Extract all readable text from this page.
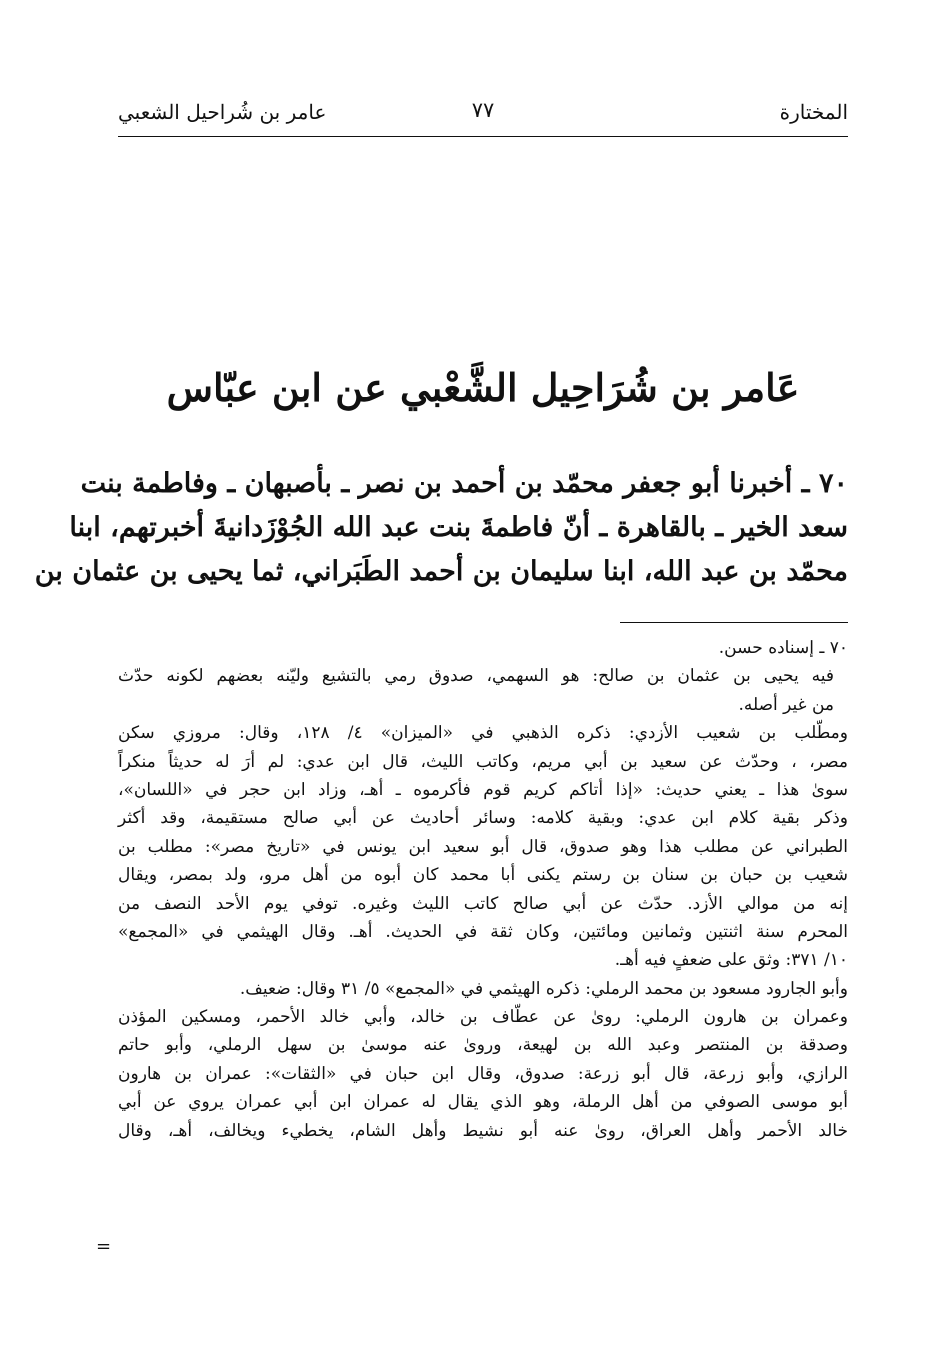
المختارة
٧٧
عامر بن شُراحيل الشعبي
عَامر بن شُرَاحِيل الشَّعْبي عن ابن عبّاس
٧٠ ـ أخبرنا أبو جعفر محمّد بن أحمد بن نصر ـ بأصبهان ـ وفاطمة بنت
سعد الخير ـ بالقاهرة ـ أنّ فاطمةَ بنت عبد الله الجُوْزَدانيةَ أخبرتهم، ابنا
محمّد بن عبد الله، ابنا سليمان بن أحمد الطَبَراني، ثما يحيى بن عثمان بن
٧٠ ـ إسناده حسن.
فيه يحيى بن عثمان بن صالح: هو السهمي، صدوق رمي بالتشيع وليّنه بعضهم لكونه حدّث
من غير أصله.
ومطّلب بن شعيب الأزدي: ذكره الذهبي في «الميزان» ٤/ ١٢٨، وقال: مروزي سكن
مصر، ، وحدّث عن سعيد بن أبي مريم، وكاتب الليث، قال ابن عدي: لم أرَ له حديثاً منكراً
سوىٰ هذا ـ يعني حديث: «إذا أتاكم كريم قوم فأكرموه ـ أهـ، وزاد ابن حجر في «اللسان»،
وذكر بقية كلام ابن عدي: وبقية كلامه: وسائر أحاديث عن أبي صالح مستقيمة، وقد أكثر
الطبراني عن مطلب هذا وهو صدوق، قال أبو سعيد ابن يونس في «تاريخ مصر»: مطلب بن
شعيب بن حبان بن سنان بن رستم يكنى أبا محمد كان أبوه من أهل مرو، ولد بمصر، ويقال
إنه من موالي الأزد. حدّث عن أبي صالح كاتب الليث وغيره. توفي يوم الأحد النصف من
المحرم سنة اثنتين وثمانين ومائتين، وكان ثقة في الحديث. أهـ. وقال الهيثمي في «المجمع»
١٠/ ٣٧١: وثق على ضعفٍ فيه أهـ.
وأبو الجارود مسعود بن محمد الرملي: ذكره الهيثمي في «المجمع» ٥/ ٣١ وقال: ضعيف.
وعمران بن هارون الرملي: روىٰ عن عطّاف بن خالد، وأبي خالد الأحمر، ومسكين المؤذن
وصدقة بن المنتصر وعبد الله بن لهيعة، وروىٰ عنه موسىٰ بن سهل الرملي، وأبو حاتم
الرازي، وأبو زرعة، قال أبو زرعة: صدوق، وقال ابن حبان في «الثقات»: عمران بن هارون
أبو موسى الصوفي من أهل الرملة، وهو الذي يقال له عمران ابن أبي عمران يروي عن أبي
خالد الأحمر وأهل العراق، روىٰ عنه أبو نشيط وأهل الشام، يخطيء ويخالف، أهـ، وقال
=
